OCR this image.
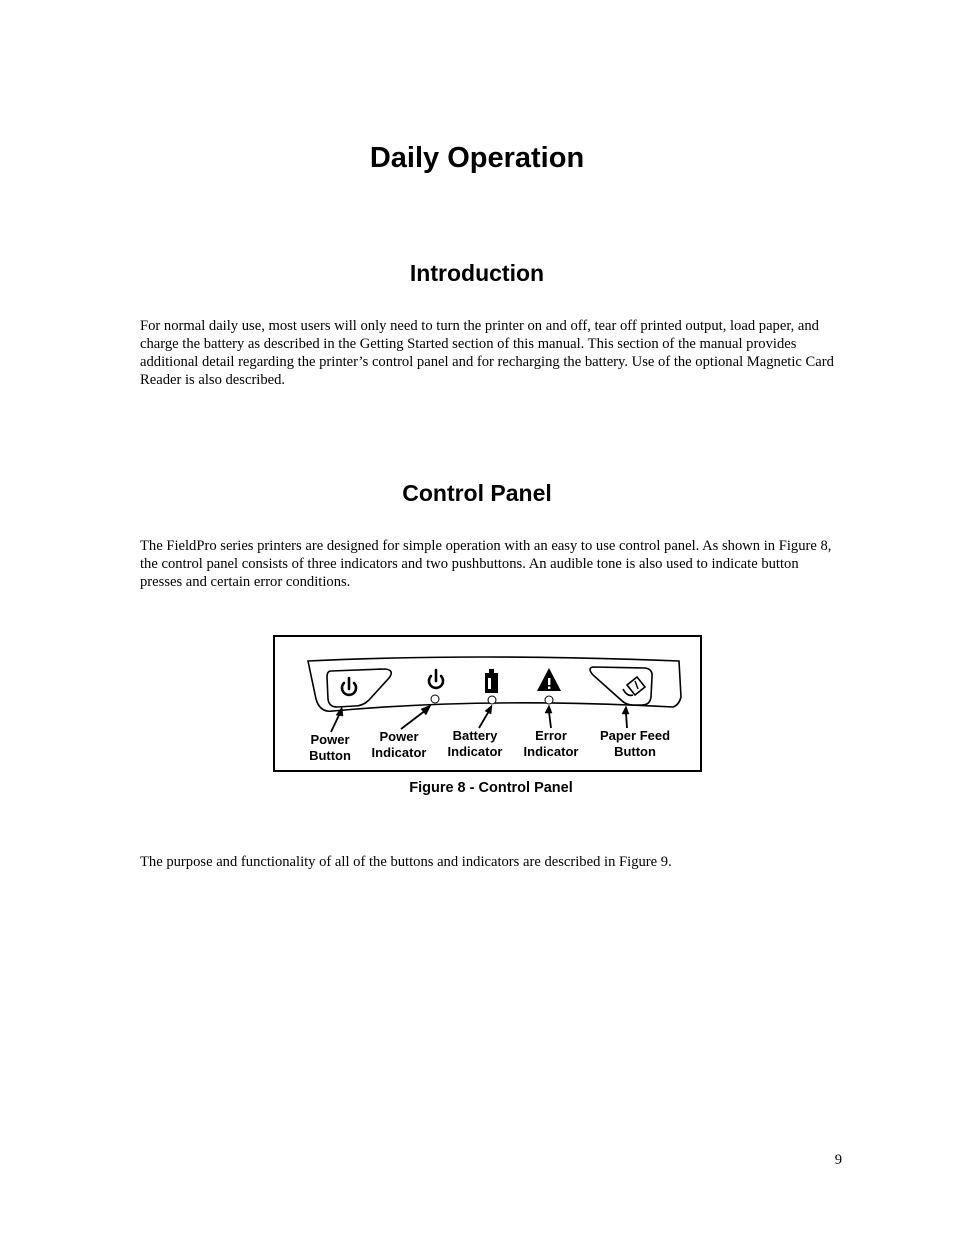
Daily Operation
Introduction

For normal daily use, most users will only need to turn the printer on and off, tear off printed output, load paper, and charge the battery as described in the Getting Started section of this manual. This section of the manual provides additional detail regarding the printer’s control panel and for recharging the battery. Use of the optional Magnetic Card Reader is also described.

Control Panel

The FieldPro series printers are designed for simple operation with an easy to use control panel. As shown in Figure 8, the control panel consists of three indicators and two pushbuttons. An audible tone is also used to indicate button presses and certain error conditions.

Power
Button
Power
Indicator
Battery
Indicator
Error
Indicator
Paper Feed
Button
Figure 8 - Control Panel

The purpose and functionality of all of the buttons and indicators are described in Figure 9.

9
